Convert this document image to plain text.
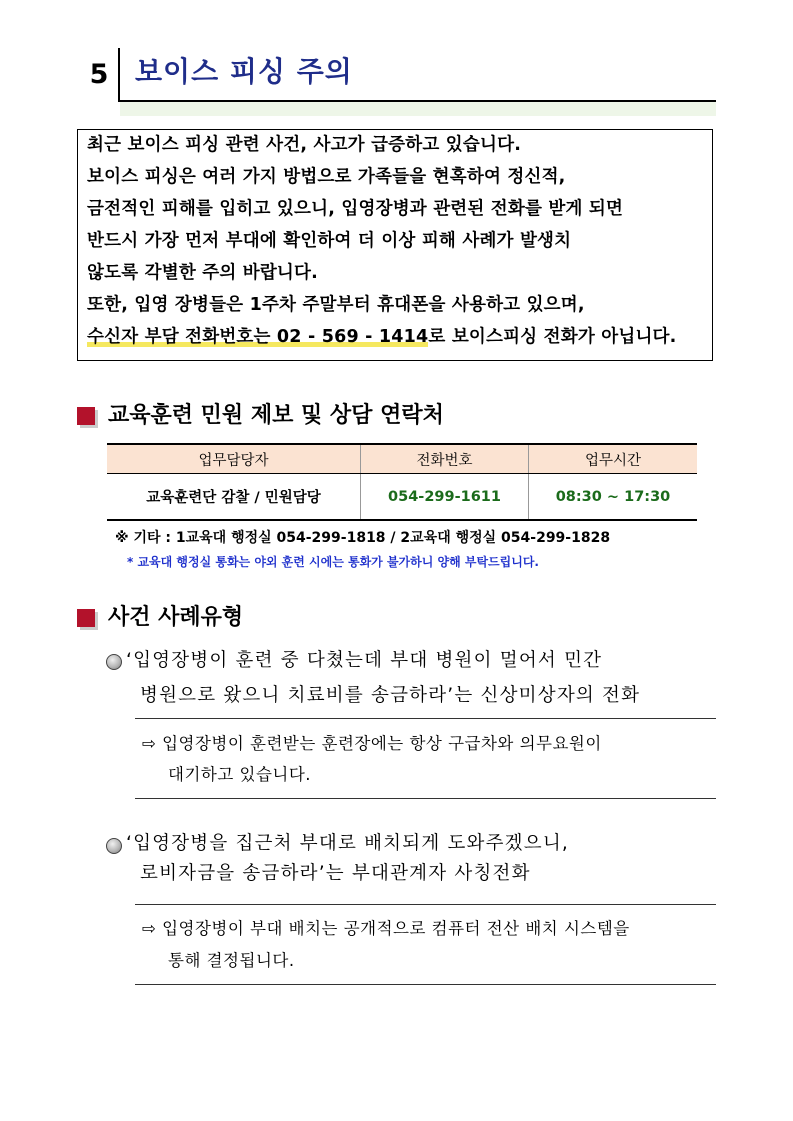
5 보이스 피싱 주의
최근 보이스 피싱 관련 사건, 사고가 급증하고 있습니다.
보이스 피싱은 여러 가지 방법으로 가족들을 현혹하여 정신적,
금전적인 피해를 입히고 있으니, 입영장병과 관련된 전화를 받게 되면
반드시 가장 먼저 부대에 확인하여 더 이상 피해 사례가 발생치
않도록 각별한 주의 바랍니다.
또한, 입영 장병들은 1주차 주말부터 휴대폰을 사용하고 있으며,
수신자 부담 전화번호는 02 - 569 - 1414로 보이스피싱 전화가 아닙니다.
교육훈련 민원 제보 및 상담 연락처
업무담당자	전화번호	업무시간
교육훈련단 감찰 / 민원담당	054-299-1611	08:30 ~ 17:30
※ 기타 : 1교육대 행정실 054-299-1818 / 2교육대 행정실 054-299-1828
* 교육대 행정실 통화는 야외 훈련 시에는 통화가 불가하니 양해 부탁드립니다.
사건 사례유형
‘입영장병이 훈련 중 다쳤는데 부대 병원이 멀어서 민간
병원으로 왔으니 치료비를 송금하라’는 신상미상자의 전화
⇨ 입영장병이 훈련받는 훈련장에는 항상 구급차와 의무요원이
대기하고 있습니다.
‘입영장병을 집근처 부대로 배치되게 도와주겠으니,
로비자금을 송금하라’는 부대관계자 사칭전화
⇨ 입영장병이 부대 배치는 공개적으로 컴퓨터 전산 배치 시스템을
통해 결정됩니다.
